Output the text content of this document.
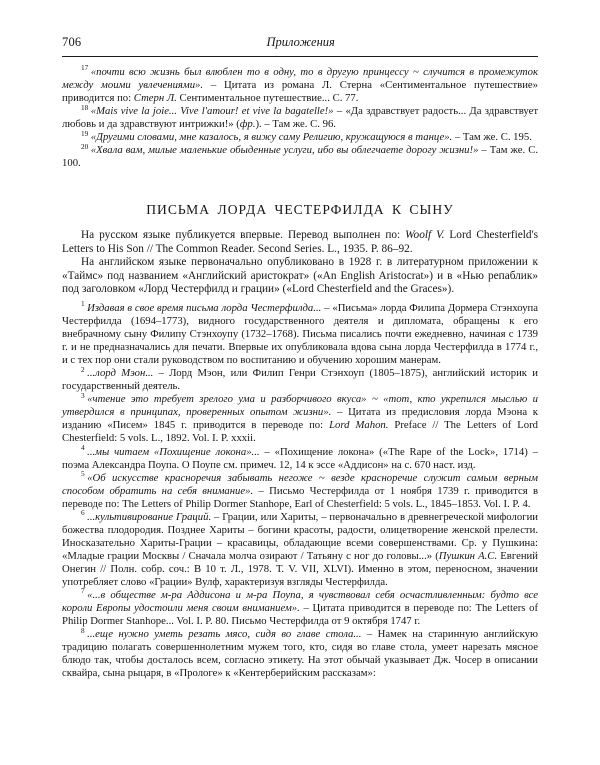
706	Приложения

$^{17}$ «почти всю жизнь был влюблен то в одну, то в другую принцессу ~ случится в промежуток между моими увлечениями». – Цитата из романа Л. Стерна «Сентиментальное путешествие» приводится по: Стерн Л. Сентиментальное путешествие... С. 77.

$^{18}$ «Mais vive la joie... Vive l'amour! et vive la bagatelle!» – «Да здравствует радость... Да здравствует любовь и да здравствуют интрижки!» (фр.). – Там же. С. 96.

$^{19}$ «Другими словами, мне казалось, я вижу саму Религию, кружащуюся в танце». – Там же. С. 195.

$^{20}$ «Хвала вам, милые маленькие обыденные услуги, ибо вы облегчаете дорогу жизни!» – Там же. С. 100.

ПИСЬМА ЛОРДА ЧЕСТЕРФИЛДА К СЫНУ

На русском языке публикуется впервые. Перевод выполнен по: Woolf V. Lord Chesterfield's Letters to His Son // The Common Reader. Second Series. L., 1935. P. 86–92.

На английском языке первоначально опубликовано в 1928 г. в литературном приложении к «Таймс» под названием «Английский аристократ» («An English Aristocrat») и в «Нью репаблик» под заголовком «Лорд Честерфилд и грации» («Lord Chesterfield and the Graces»).

$^1$ Издавая в свое время письма лорда Честерфилда... – «Письма» лорда Филипа Дормера Стэнхоупа Честерфилда (1694–1773), видного государственного деятеля и дипломата, обращены к его внебрачному сыну Филипу Стэнхоупу (1732–1768). Письма писались почти ежедневно, начиная с 1739 г. и не предназначались для печати. Впервые их опубликовала вдова сына лорда Честерфилда в 1774 г., и с тех пор они стали руководством по воспитанию и обучению хорошим манерам.

$^2$ ...лорд Мэон... – Лорд Мэон, или Филип Генри Стэнхоуп (1805–1875), английский историк и государственный деятель.

$^3$ «чтение это требует зрелого ума и разборчивого вкуса» ~ «тот, кто укрепился мыслью и утвердился в принципах, проверенных опытом жизни». – Цитата из предисловия лорда Мэона к изданию «Писем» 1845 г. приводится в переводе по: Lord Mahon. Preface // The Letters of Lord Chesterfield: 5 vols. L., 1892. Vol. I. P. xxxii.

$^4$ ...мы читаем «Похищение локона»... – «Похищение локона» («The Rape of the Lock», 1714) – поэма Александра Поупа. О Поупе см. примеч. 12, 14 к эссе «Аддисон» на с. 670 наст. изд.

$^5$ «Об искусстве красноречия забывать негоже ~ везде красноречие служит самым верным способом обратить на себя внимание». – Письмо Честерфилда от 1 ноября 1739 г. приводится в переводе по: The Letters of Philip Dormer Stanhope, Earl of Chesterfield: 5 vols. L., 1845–1853. Vol. I. P. 4.

$^6$ ...культивирование Граций. – Грации, или Хариты, – первоначально в древнегреческой мифологии божества плодородия. Позднее Хариты – богини красоты, радости, олицетворение женской прелести. Иносказательно Хариты-Грации – красавицы, обладающие всеми совершенствами. Ср. у Пушкина: «Младые грации Москвы / Сначала молча озирают / Татьяну с ног до головы...» (Пушкин А.С. Евгений Онегин // Полн. собр. соч.: В 10 т. Л., 1978. Т. V. VII, XLVI). Именно в этом, переносном, значении употребляет слово «Грации» Вулф, характеризуя взгляды Честерфилда.

$^7$ «...в обществе м-ра Аддисона и м-ра Поупа, я чувствовал себя осчастливленным: будто все короли Европы удостоили меня своим вниманием». – Цитата приводится в переводе по: The Letters of Philip Dormer Stanhope... Vol. I. P. 80. Письмо Честерфилда от 9 октября 1747 г.

$^8$ ...еще нужно уметь резать мясо, сидя во главе стола... – Намек на старинную английскую традицию полагать совершеннолетним мужем того, кто, сидя во главе стола, умеет нарезать мясное блюдо так, чтобы досталось всем, согласно этикету. На этот обычай указывает Дж. Чосер в описании сквайра, сына рыцаря, в «Прологе» к «Кентерберийским рассказам»:
